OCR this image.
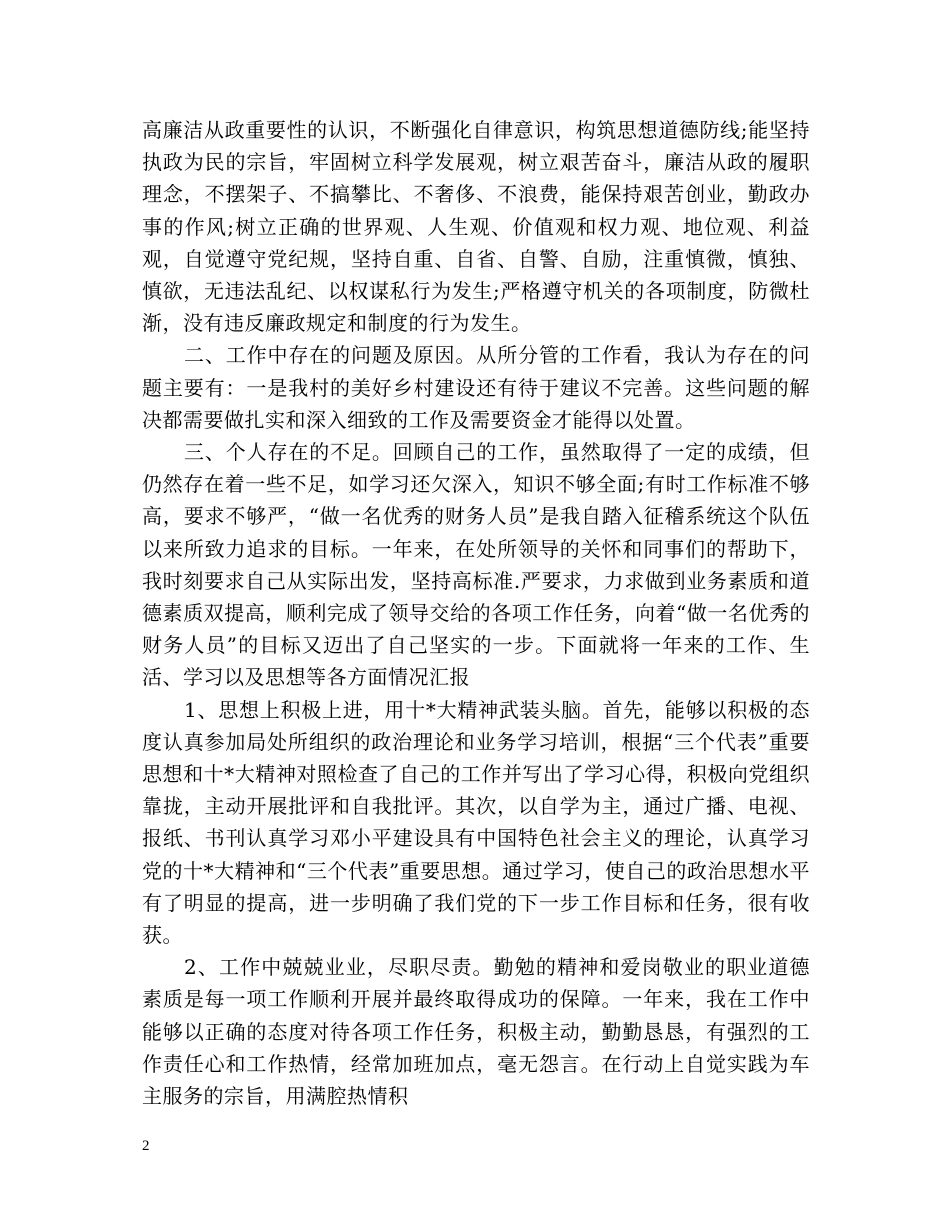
高廉洁从政重要性的认识，不断强化自律意识，构筑思想道德防线;能坚持执政为民的宗旨，牢固树立科学发展观，树立艰苦奋斗，廉洁从政的履职理念，不摆架子、不搞攀比、不奢侈、不浪费，能保持艰苦创业，勤政办事的作风;树立正确的世界观、人生观、价值观和权力观、地位观、利益观，自觉遵守党纪规，坚持自重、自省、自警、自励，注重慎微，慎独、慎欲，无违法乱纪、以权谋私行为发生;严格遵守机关的各项制度，防微杜渐，没有违反廉政规定和制度的行为发生。

二、工作中存在的问题及原因。从所分管的工作看，我认为存在的问题主要有：一是我村的美好乡村建设还有待于建议不完善。这些问题的解决都需要做扎实和深入细致的工作及需要资金才能得以处置。

三、个人存在的不足。回顾自己的工作，虽然取得了一定的成绩，但仍然存在着一些不足，如学习还欠深入，知识不够全面;有时工作标准不够高，要求不够严，“做一名优秀的财务人员”是我自踏入征稽系统这个队伍以来所致力追求的目标。一年来，在处所领导的关怀和同事们的帮助下，我时刻要求自己从实际出发，坚持高标准.严要求，力求做到业务素质和道德素质双提高，顺利完成了领导交给的各项工作任务，向着“做一名优秀的财务人员”的目标又迈出了自己坚实的一步。下面就将一年来的工作、生活、学习以及思想等各方面情况汇报

1、思想上积极上进，用十*大精神武装头脑。首先，能够以积极的态度认真参加局处所组织的政治理论和业务学习培训，根据“三个代表”重要思想和十*大精神对照检查了自己的工作并写出了学习心得，积极向党组织靠拢，主动开展批评和自我批评。其次，以自学为主，通过广播、电视、报纸、书刊认真学习邓小平建设具有中国特色社会主义的理论，认真学习党的十*大精神和“三个代表”重要思想。通过学习，使自己的政治思想水平有了明显的提高，进一步明确了我们党的下一步工作目标和任务，很有收获。

2、工作中兢兢业业，尽职尽责。勤勉的精神和爱岗敬业的职业道德素质是每一项工作顺利开展并最终取得成功的保障。一年来，我在工作中能够以正确的态度对待各项工作任务，积极主动，勤勤恳恳，有强烈的工作责任心和工作热情，经常加班加点，毫无怨言。在行动上自觉实践为车主服务的宗旨，用满腔热情积

2
